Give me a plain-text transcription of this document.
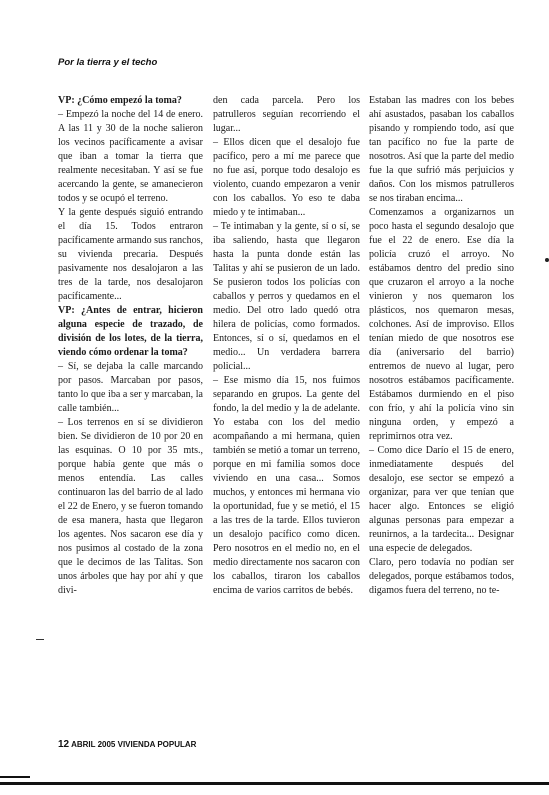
Por la tierra y el techo

VP: ¿Cómo empezó la toma?

– Empezó la noche del 14 de enero. A las 11 y 30 de la noche salieron los vecinos pacíficamente a avisar que iban a tomar la tierra que realmente necesitaban. Y así se fue acercando la gente, se amanecieron todos y se ocupó el terreno.

Y la gente después siguió entrando el día 15. Todos entraron pacíficamente armando sus ranchos, su vivienda precaria. Después pasivamente nos desalojaron a las tres de la tarde, nos desalojaron pacíficamente...

VP: ¿Antes de entrar, hicieron alguna especie de trazado, de división de los lotes, de la tierra, viendo cómo ordenar la toma?

– Sí, se dejaba la calle marcando por pasos. Marcaban por pasos, tanto lo que iba a ser y marcaban, la calle también...

– Los terrenos en sí se dividieron bien. Se dividieron de 10 por 20 en las esquinas. O 10 por 35 mts., porque había gente que más o menos entendía. Las calles continuaron las del barrio de al lado el 22 de Enero, y se fueron tomando de esa manera, hasta que llegaron los agentes. Nos sacaron ese día y nos pusimos al costado de la zona que le decimos de las Talitas. Son unos árboles que hay por ahí y que divi-

den cada parcela. Pero los patrulleros seguían recorriendo el lugar...

– Ellos dicen que el desalojo fue pacífico, pero a mí me parece que no fue así, porque todo desalojo es violento, cuando empezaron a venir con los caballos. Yo eso te daba miedo y te intimaban...

– Te intimaban y la gente, sí o sí, se iba saliendo, hasta que llegaron hasta la punta donde están las Talitas y ahí se pusieron de un lado. Se pusieron todos los policías con caballos y perros y quedamos en el medio. Del otro lado quedó otra hilera de policías, como formados. Entonces, sí o sí, quedamos en el medio... Un verdadera barrera policial...

– Ese mismo día 15, nos fuimos separando en grupos. La gente del fondo, la del medio y la de adelante. Yo estaba con los del medio acompañando a mi hermana, quien también se metió a tomar un terreno, porque en mi familia somos doce viviendo en una casa... Somos muchos, y entonces mi hermana vio la oportunidad, fue y se metió, el 15 a las tres de la tarde. Ellos tuvieron un desalojo pacífico como dicen. Pero nosotros en el medio no, en el medio directamente nos sacaron con los caballos, tiraron los caballos encima de varios carritos de bebés.

Estaban las madres con los bebes ahí asustados, pasaban los caballos pisando y rompiendo todo, así que tan pacífico no fue la parte de nosotros. Así que la parte del medio fue la que sufrió más perjuicios y daños. Con los mismos patrulleros se nos tiraban encima...

Comenzamos a organizarnos un poco hasta el segundo desalojo que fue el 22 de enero. Ese día la policía cruzó el arroyo. No estábamos dentro del predio sino que cruzaron el arroyo a la noche vinieron y nos quemaron los plásticos, nos quemaron mesas, colchones. Así de improviso. Ellos tenían miedo de que nosotros ese día (aniversario del barrio) entremos de nuevo al lugar, pero nosotros estábamos pacíficamente. Estábamos durmiendo en el piso con frío, y ahí la policía vino sin ninguna orden, y empezó a reprimirnos otra vez.

– Como dice Darío el 15 de enero, inmediatamente después del desalojo, ese sector se empezó a organizar, para ver que tenían que hacer algo. Entonces se eligió algunas personas para empezar a reunirnos, a la tardecita... Designar una especie de delegados.

Claro, pero todavía no podían ser delegados, porque estábamos todos, digamos fuera del terreno, no te-

12 ABRIL 2005 VIVIENDA POPULAR
